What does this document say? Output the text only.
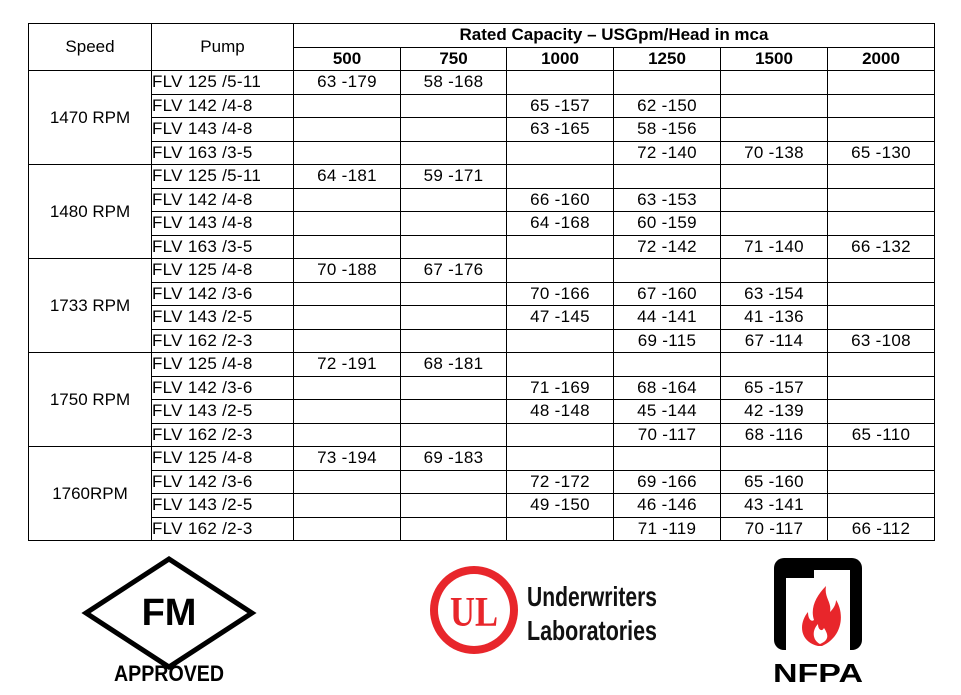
Speed	Pump	Rated Capacity – USGpm/Head in mca					
		500	750	1000	1250	1500	2000
1470 RPM	FLV 125 /5-11	63 -179	58 -168				
	FLV 142 /4-8			65 -157	62 -150		
	FLV 143 /4-8			63 -165	58 -156		
	FLV 163 /3-5				72 -140	70 -138	65 -130
1480 RPM	FLV 125 /5-11	64 -181	59 -171				
	FLV 142 /4-8			66 -160	63 -153		
	FLV 143 /4-8			64 -168	60 -159		
	FLV 163 /3-5				72 -142	71 -140	66 -132
1733 RPM	FLV 125 /4-8	70 -188	67 -176				
	FLV 142 /3-6			70 -166	67 -160	63 -154	
	FLV 143 /2-5			47 -145	44 -141	41 -136	
	FLV 162 /2-3				69 -115	67 -114	63 -108
1750 RPM	FLV 125 /4-8	72 -191	68 -181				
	FLV 142 /3-6			71 -169	68 -164	65 -157	
	FLV 143 /2-5			48 -148	45 -144	42 -139	
	FLV 162 /2-3				70 -117	68 -116	65 -110
1760RPM	FLV 125 /4-8	73 -194	69 -183				
	FLV 142 /3-6			72 -172	69 -166	65 -160	
	FLV 143 /2-5			49 -150	46 -146	43 -141	
	FLV 162 /2-3				71 -119	70 -117	66 -112
FM
APPROVED
UL Underwriters
Laboratories
NFPA
